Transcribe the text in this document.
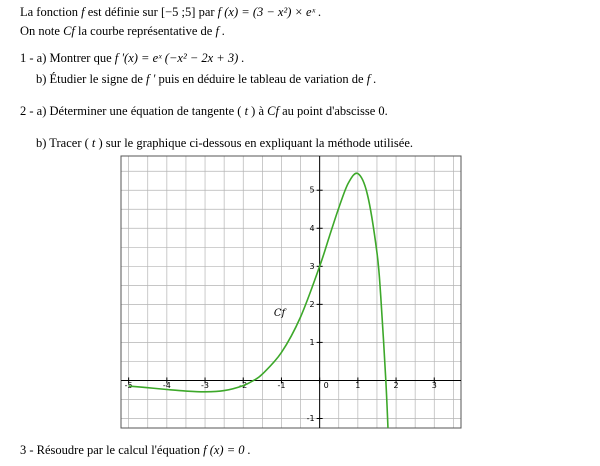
La fonction f est définie sur [−5 ;5] par f (x) = (3 − x²) × eˣ .
On note Cf la courbe représentative de f .
1 - a) Montrer que f '(x) = eˣ (−x² − 2x + 3) .
b) Étudier le signe de f ' puis en déduire le tableau de variation de f .
2 - a) Déterminer une équation de tangente ( t ) à Cf au point d'abscisse 0.
b) Tracer ( t ) sur le graphique ci-dessous en expliquant la méthode utilisée.
-5	-4	-3	-2	-1	1	2	3
-1
1
2
3
4
5
0
Cf
3 - Résoudre par le calcul l'équation f (x) = 0 .
